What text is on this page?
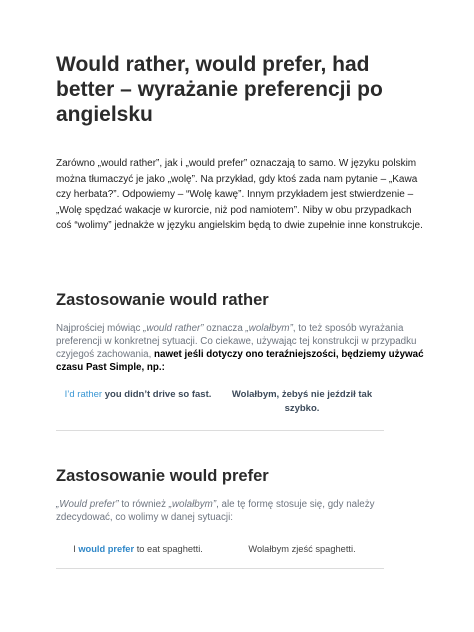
Would rather, would prefer, had better – wyrażanie preferencji po angielsku

Zarówno „would rather”, jak i „would prefer” oznaczają to samo. W języku polskim można tłumaczyć je jako „wolę”. Na przykład, gdy ktoś zada nam pytanie – „Kawa czy herbata?”. Odpowiemy – “Wolę kawę”. Innym przykładem jest stwierdzenie – „Wolę spędzać wakacje w kurorcie, niż pod namiotem”. Niby w obu przypadkach coś “wolimy” jednakże w języku angielskim będą to dwie zupełnie inne konstrukcje.

Zastosowanie would rather

Najprościej mówiąc „would rather” oznacza „wolałbym”, to też sposób wyrażania preferencji w konkretnej sytuacji. Co ciekawe, używając tej konstrukcji w przypadku czyjegoś zachowania, nawet jeśli dotyczy ono teraźniejszości, będziemy używać czasu Past Simple, np.:

I’d rather you didn’t drive so fast.	Wolałbym, żebyś nie jeździł tak szybko.
Zastosowanie would prefer

„Would prefer” to również „wolałbym”, ale tę formę stosuje się, gdy należy zdecydować, co wolimy w danej sytuacji:

I would prefer to eat spaghetti.	Wolałbym zjeść spaghetti.
